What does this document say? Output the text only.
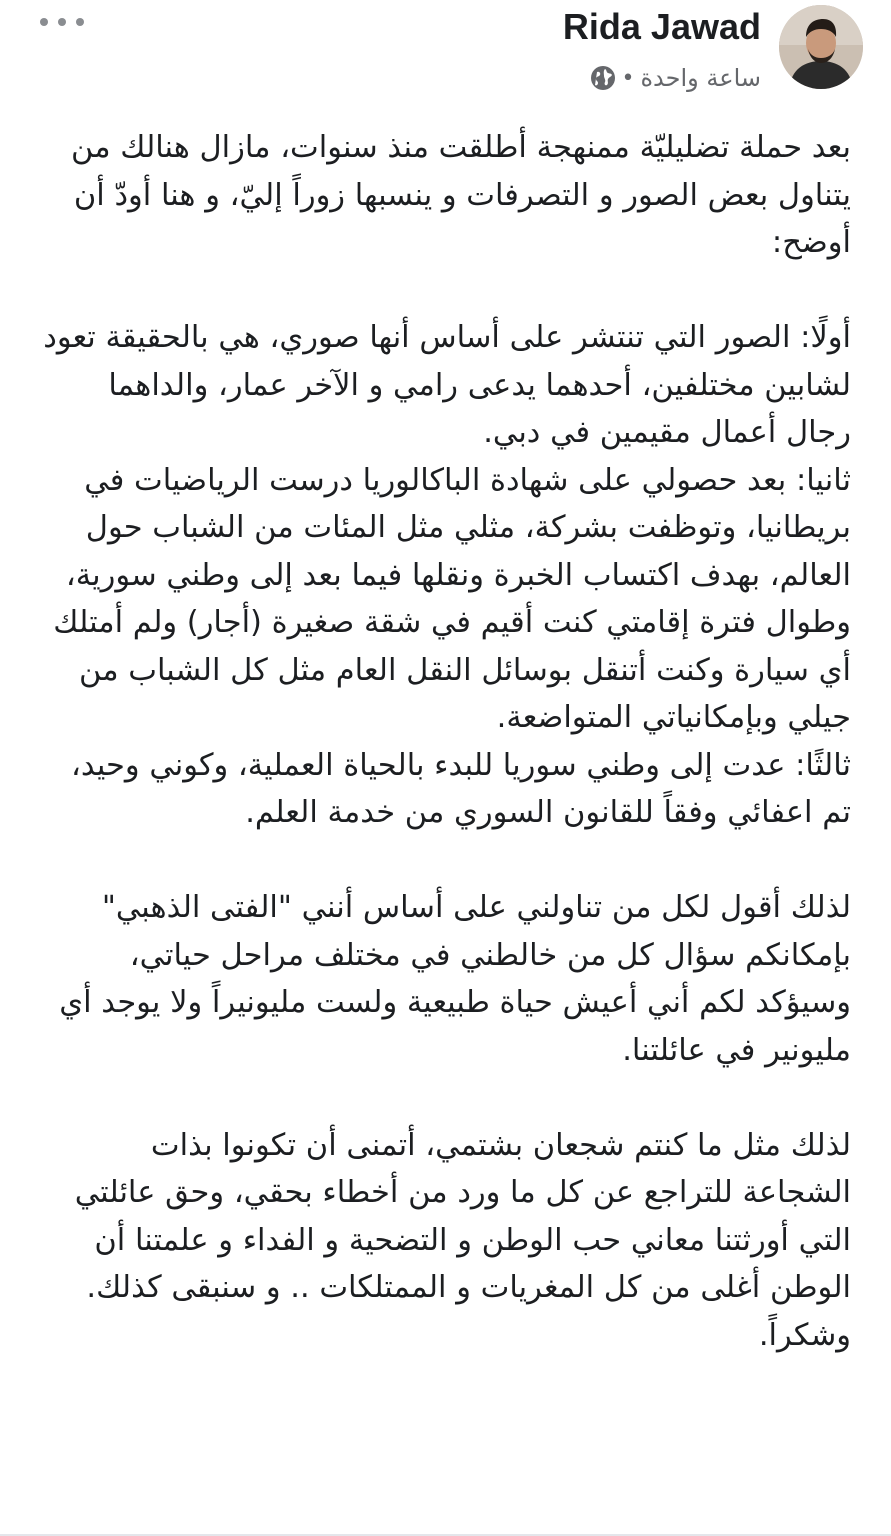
Rida Jawad
ساعة واحدة
•

بعد حملة تضليليّة ممنهجة أطلقت منذ سنوات، مازال هنالك من يتناول بعض الصور و التصرفات و ينسبها زوراً إليّ، و هنا أودّ أن أوضح:

أولًا: الصور التي تنتشر على أساس أنها صوري، هي بالحقيقة تعود لشابين مختلفين، أحدهما يدعى رامي و الآخر عمار، والداهما رجال أعمال مقيمين في دبي.

ثانيا: بعد حصولي على شهادة الباكالوريا درست الرياضيات في بريطانيا، وتوظفت بشركة، مثلي مثل المئات من الشباب حول العالم، بهدف اكتساب الخبرة ونقلها فيما بعد إلى وطني سورية، وطوال فترة إقامتي كنت أقيم في شقة صغيرة (أجار) ولم أمتلك أي سيارة وكنت أتنقل بوسائل النقل العام مثل كل الشباب من جيلي وبإمكانياتي المتواضعة.

ثالثًا: عدت إلى وطني سوريا للبدء بالحياة العملية، وكوني وحيد، تم اعفائي وفقاً للقانون السوري من خدمة العلم.

لذلك أقول لكل من تناولني على أساس أنني "الفتى الذهبي" بإمكانكم سؤال كل من خالطني في مختلف مراحل حياتي، وسيؤكد لكم أني أعيش حياة طبيعية ولست مليونيراً ولا يوجد أي مليونير في عائلتنا.

لذلك مثل ما كنتم شجعان بشتمي، أتمنى أن تكونوا بذات الشجاعة للتراجع عن كل ما ورد من أخطاء بحقي، وحق عائلتي التي أورثتنا معاني حب الوطن و التضحية و الفداء و علمتنا أن الوطن أغلى من كل المغريات و الممتلكات .. و سنبقى كذلك. وشكراً.
